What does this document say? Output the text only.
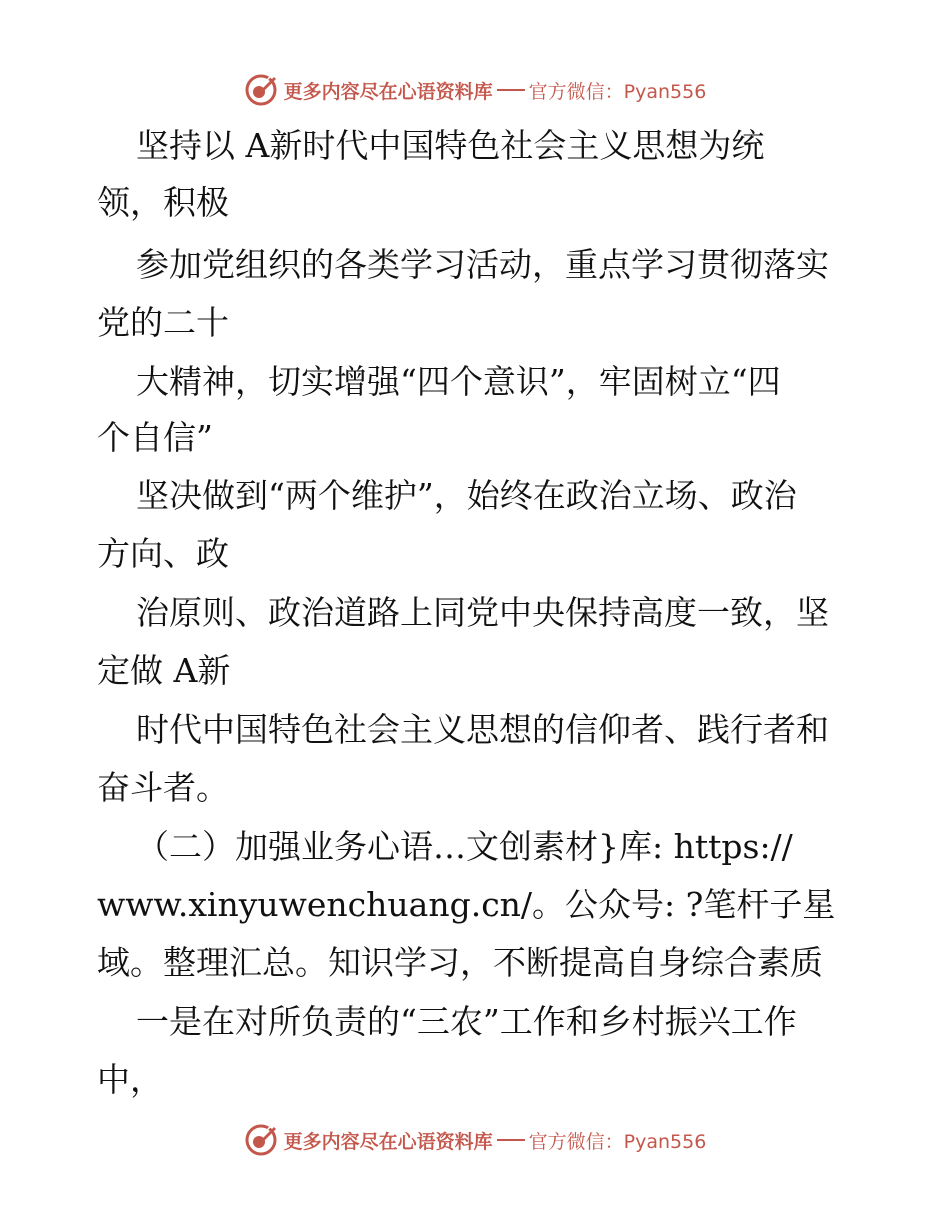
更多内容尽在心语资料库 官方微信：Pyan556
坚持以 A新时代中国特色社会主义思想为统
领，积极
参加党组织的各类学习活动，重点学习贯彻落实
党的二十
大精神，切实增强“四个意识”，牢固树立“四
个自信”
坚决做到“两个维护”，始终在政治立场、政治
方向、政
治原则、政治道路上同党中央保持高度一致，坚
定做 A新
时代中国特色社会主义思想的信仰者、践行者和
奋斗者。
（二）加强业务心语…文创素材}库: https://
www.xinyuwenchuang.cn/。公众号: ?笔杆子星
域。整理汇总。知识学习，不断提高自身综合素质
一是在对所负责的“三农”工作和乡村振兴工作
中，
更多内容尽在心语资料库 官方微信：Pyan556
